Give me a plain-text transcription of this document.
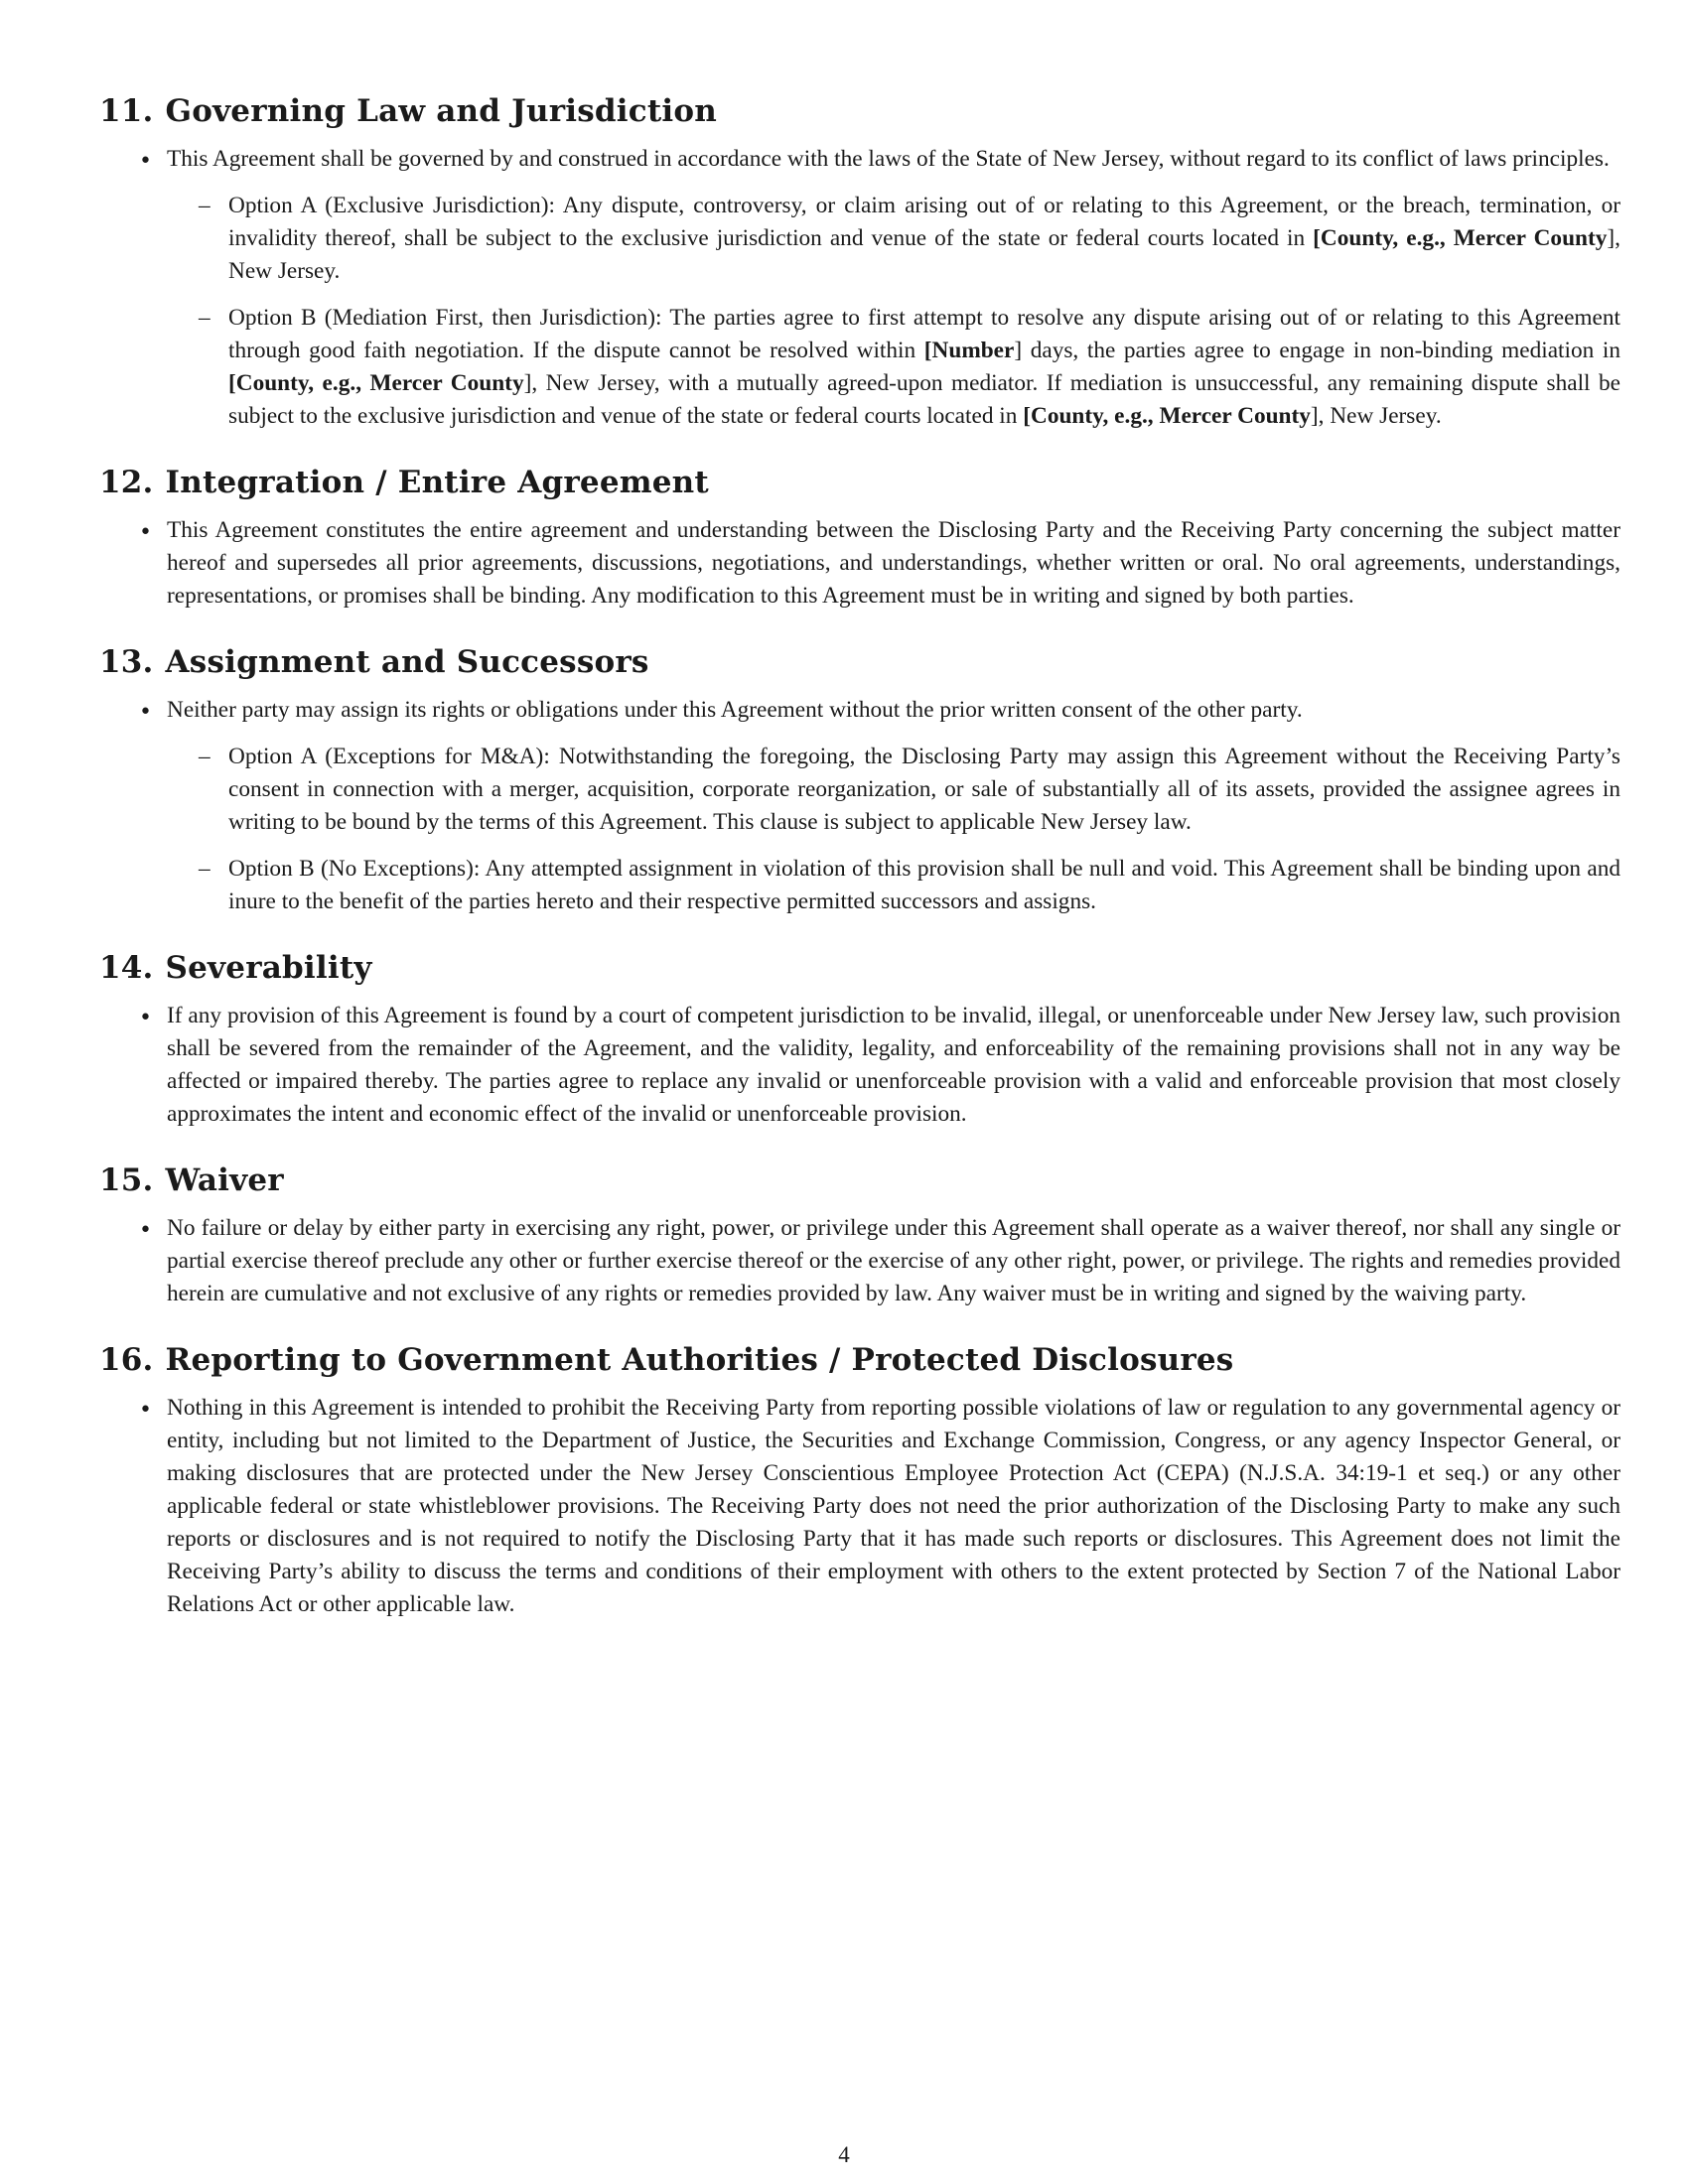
11. Governing Law and Jurisdiction
• This Agreement shall be governed by and construed in accordance with the laws of the State of New Jersey, without regard to its conflict of laws principles.

– Option A (Exclusive Jurisdiction): Any dispute, controversy, or claim arising out of or relating to this Agreement, or the breach, termination, or invalidity thereof, shall be subject to the exclusive jurisdiction and venue of the state or federal courts located in [County, e.g., Mercer County], New Jersey.

– Option B (Mediation First, then Jurisdiction): The parties agree to first attempt to resolve any dispute arising out of or relating to this Agreement through good faith negotiation. If the dispute cannot be resolved within [Number] days, the parties agree to engage in non-binding mediation in [County, e.g., Mercer County], New Jersey, with a mutually agreed-upon mediator. If mediation is unsuccessful, any remaining dispute shall be subject to the exclusive jurisdiction and venue of the state or federal courts located in [County, e.g., Mercer County], New Jersey.

12. Integration / Entire Agreement
• This Agreement constitutes the entire agreement and understanding between the Disclosing Party and the Receiving Party concerning the subject matter hereof and supersedes all prior agreements, discussions, negotiations, and understandings, whether written or oral. No oral agreements, understandings, representations, or promises shall be binding. Any modification to this Agreement must be in writing and signed by both parties.

13. Assignment and Successors
• Neither party may assign its rights or obligations under this Agreement without the prior written consent of the other party.

– Option A (Exceptions for M&A): Notwithstanding the foregoing, the Disclosing Party may assign this Agreement without the Receiving Party’s consent in connection with a merger, acquisition, corporate reorganization, or sale of substantially all of its assets, provided the assignee agrees in writing to be bound by the terms of this Agreement. This clause is subject to applicable New Jersey law.

– Option B (No Exceptions): Any attempted assignment in violation of this provision shall be null and void. This Agreement shall be binding upon and inure to the benefit of the parties hereto and their respective permitted successors and assigns.

14. Severability
• If any provision of this Agreement is found by a court of competent jurisdiction to be invalid, illegal, or unenforceable under New Jersey law, such provision shall be severed from the remainder of the Agreement, and the validity, legality, and enforceability of the remaining provisions shall not in any way be affected or impaired thereby. The parties agree to replace any invalid or unenforceable provision with a valid and enforceable provision that most closely approximates the intent and economic effect of the invalid or unenforceable provision.

15. Waiver
• No failure or delay by either party in exercising any right, power, or privilege under this Agreement shall operate as a waiver thereof, nor shall any single or partial exercise thereof preclude any other or further exercise thereof or the exercise of any other right, power, or privilege. The rights and remedies provided herein are cumulative and not exclusive of any rights or remedies provided by law. Any waiver must be in writing and signed by the waiving party.

16. Reporting to Government Authorities / Protected Disclosures
• Nothing in this Agreement is intended to prohibit the Receiving Party from reporting possible violations of law or regulation to any governmental agency or entity, including but not limited to the Department of Justice, the Securities and Exchange Commission, Congress, or any agency Inspector General, or making disclosures that are protected under the New Jersey Conscientious Employee Protection Act (CEPA) (N.J.S.A. 34:19-1 et seq.) or any other applicable federal or state whistleblower provisions. The Receiving Party does not need the prior authorization of the Disclosing Party to make any such reports or disclosures and is not required to notify the Disclosing Party that it has made such reports or disclosures. This Agreement does not limit the Receiving Party’s ability to discuss the terms and conditions of their employment with others to the extent protected by Section 7 of the National Labor Relations Act or other applicable law.

4
